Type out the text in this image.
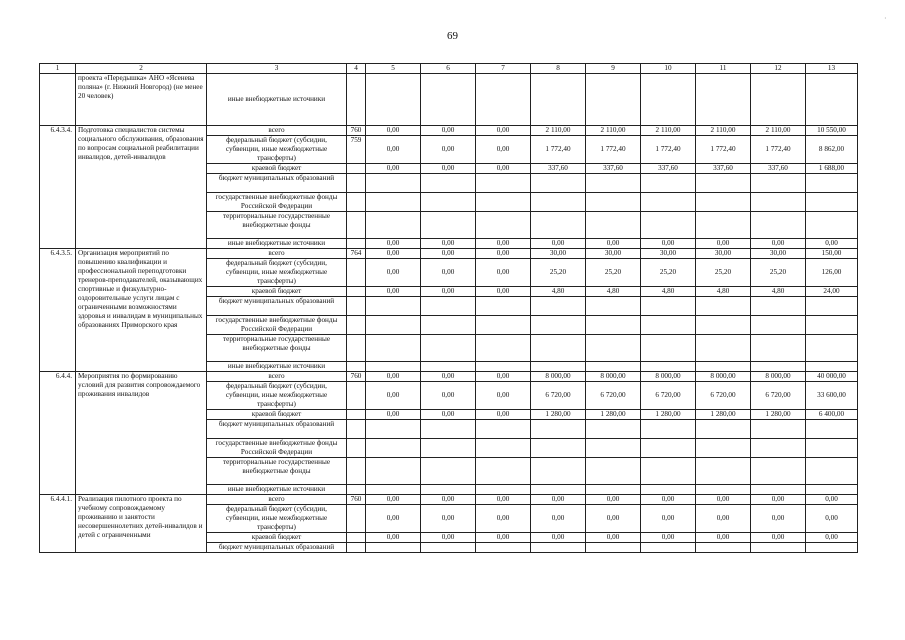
69
·
1	2	3	4	5	6	7	8	9	10	11	12	13
	проекта «Передышка» АНО «Ясенева поляна» (г. Нижний Новгород) (не менее 20 человек)	иные внебюджетные источники										
6.4.3.4.	Подготовка специалистов системы социального обслуживания, образования по вопросам социальной реабилитации инвалидов, детей-инвалидов	всего	760	0,00	0,00	0,00	2 110,00	2 110,00	2 110,00	2 110,00	2 110,00	10 550,00
		федеральный бюджет (субсидии, субвенции, иные межбюджетные трансферты)	759	0,00	0,00	0,00	1 772,40	1 772,40	1 772,40	1 772,40	1 772,40	8 862,00
		краевой бюджет		0,00	0,00	0,00	337,60	337,60	337,60	337,60	337,60	1 688,00
		бюджет муниципальных образований										
		государственные внебюджетные фонды Российской Федерации										
		территориальные государственные внебюджетные фонды										
		иные внебюджетные источники		0,00	0,00	0,00	0,00	0,00	0,00	0,00	0,00	0,00
6.4.3.5.	Организация мероприятий по повышению квалификации и профессиональной переподготовки тренеров-преподавателей, оказывающих спортивные и физкультурно-оздоровительные услуги лицам с ограниченными возможностями здоровья и инвалидам в муниципальных образованиях Приморского края	всего	764	0,00	0,00	0,00	30,00	30,00	30,00	30,00	30,00	150,00
		федеральный бюджет (субсидии, субвенции, иные межбюджетные трансферты)		0,00	0,00	0,00	25,20	25,20	25,20	25,20	25,20	126,00
		краевой бюджет		0,00	0,00	0,00	4,80	4,80	4,80	4,80	4,80	24,00
		бюджет муниципальных образований										
		государственные внебюджетные фонды Российской Федерации										
		территориальные государственные внебюджетные фонды										
		иные внебюджетные источники										
6.4.4.	Мероприятия по формированию условий для развития сопровождаемого проживания инвалидов	всего	760	0,00	0,00	0,00	8 000,00	8 000,00	8 000,00	8 000,00	8 000,00	40 000,00
		федеральный бюджет (субсидии, субвенции, иные межбюджетные трансферты)		0,00	0,00	0,00	6 720,00	6 720,00	6 720,00	6 720,00	6 720,00	33 600,00
		краевой бюджет		0,00	0,00	0,00	1 280,00	1 280,00	1 280,00	1 280,00	1 280,00	6 400,00
		бюджет муниципальных образований										
		государственные внебюджетные фонды Российской Федерации										
		территориальные государственные внебюджетные фонды										
		иные внебюджетные источники										
6.4.4.1.	Реализация пилотного проекта по учебному сопровождаемому проживанию и занятости несовершеннолетних детей-инвалидов и детей с ограниченными	всего	760	0,00	0,00	0,00	0,00	0,00	0,00	0,00	0,00	0,00
		федеральный бюджет (субсидии, субвенции, иные межбюджетные трансферты)		0,00	0,00	0,00	0,00	0,00	0,00	0,00	0,00	0,00
		краевой бюджет		0,00	0,00	0,00	0,00	0,00	0,00	0,00	0,00	0,00
		бюджет муниципальных образований										
